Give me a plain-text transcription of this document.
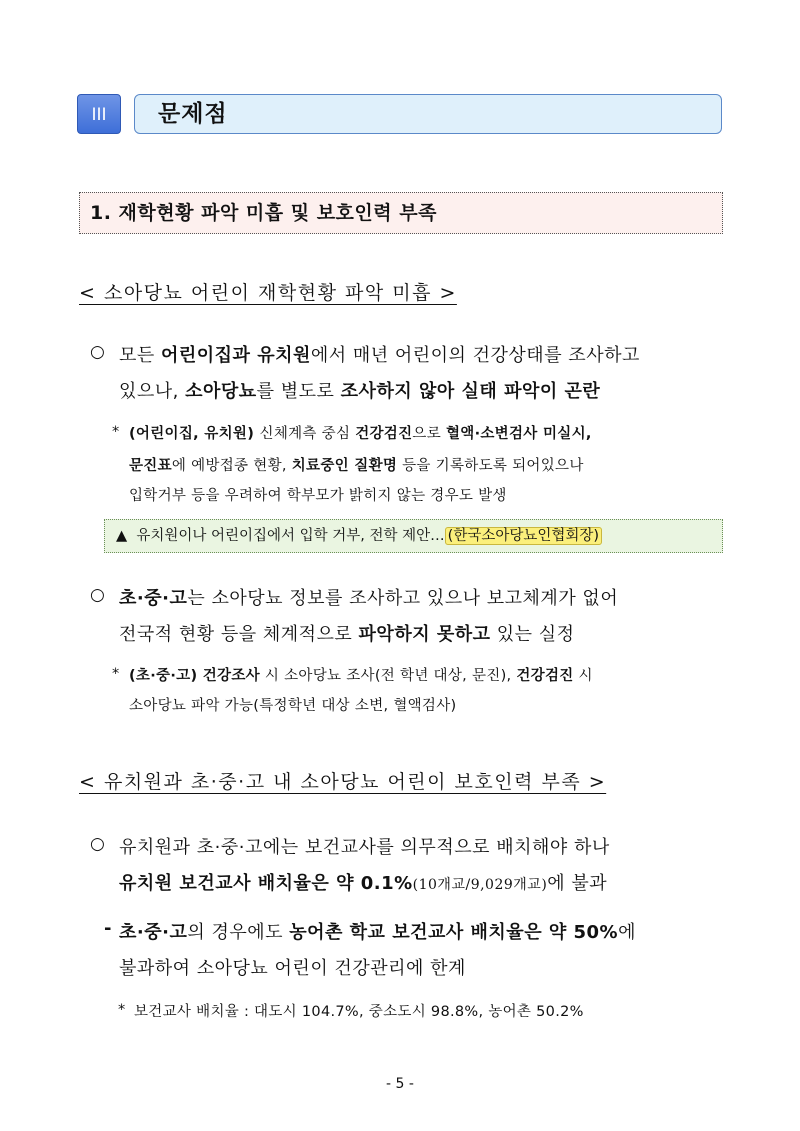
III	문제점
1. 재학현황 파악 미흡 및 보호인력 부족
< 소아당뇨 어린이 재학현황 파악 미흡 >
○ 모든 어린이집과 유치원에서 매년 어린이의 건강상태를 조사하고
있으나, 소아당뇨를 별도로 조사하지 않아 실태 파악이 곤란
* (어린이집, 유치원) 신체계측 중심 건강검진으로 혈액·소변검사 미실시,
문진표에 예방접종 현황, 치료중인 질환명 등을 기록하도록 되어있으나
입학거부 등을 우려하여 학부모가 밝히지 않는 경우도 발생
▲ 유치원이나 어린이집에서 입학 거부, 전학 제안… (한국소아당뇨인협회장)
○ 초·중·고는 소아당뇨 정보를 조사하고 있으나 보고체계가 없어
전국적 현황 등을 체계적으로 파악하지 못하고 있는 실정
* (초·중·고) 건강조사 시 소아당뇨 조사(전 학년 대상, 문진), 건강검진 시
소아당뇨 파악 가능(특정학년 대상 소변, 혈액검사)
< 유치원과 초·중·고 내 소아당뇨 어린이 보호인력 부족 >
○ 유치원과 초·중·고에는 보건교사를 의무적으로 배치해야 하나
유치원 보건교사 배치율은 약 0.1%(10개교/9,029개교)에 불과
- 초·중·고의 경우에도 농어촌 학교 보건교사 배치율은 약 50%에
불과하여 소아당뇨 어린이 건강관리에 한계
* 보건교사 배치율 : 대도시 104.7%, 중소도시 98.8%, 농어촌 50.2%
- 5 -
